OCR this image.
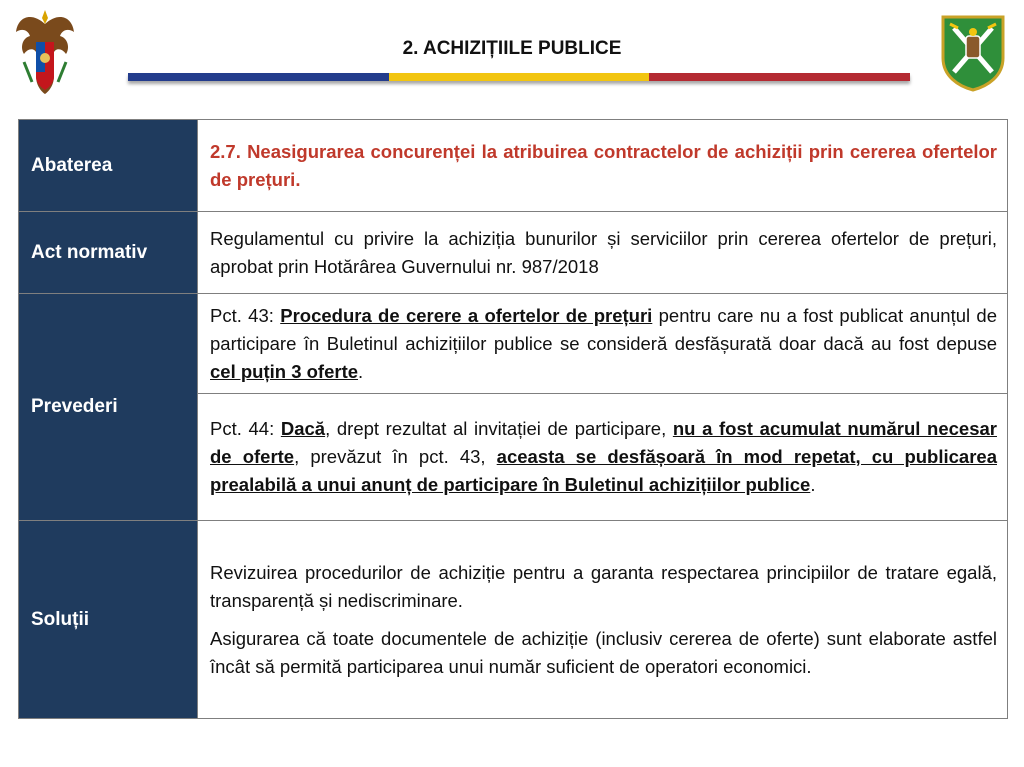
2. ACHIZIȚIILE PUBLICE
Abaterea	2.7. Neasigurarea concurenței la atribuirea contractelor de achiziții prin cererea ofertelor de prețuri.

Act normativ	Regulamentul cu privire la achiziția bunurilor și serviciilor prin cererea ofertelor de prețuri, aprobat prin Hotărârea Guvernului nr. 987/2018

Prevederi	Pct. 43: Procedura de cerere a ofertelor de prețuri pentru care nu a fost publicat anunțul de participare în Buletinul achizițiilor publice se consideră desfășurată doar dacă au fost depuse cel puțin 3 oferte.

	Pct. 44: Dacă, drept rezultat al invitației de participare, nu a fost acumulat numărul necesar de oferte, prevăzut în pct. 43, aceasta se desfășoară în mod repetat, cu publicarea prealabilă a unui anunț de participare în Buletinul achizițiilor publice.

Soluții	Revizuirea procedurilor de achiziție pentru a garanta respectarea principiilor de tratare egală, transparență și nediscriminare.

Asigurarea că toate documentele de achiziție (inclusiv cererea de oferte) sunt elaborate astfel încât să permită participarea unui număr suficient de operatori economici.
